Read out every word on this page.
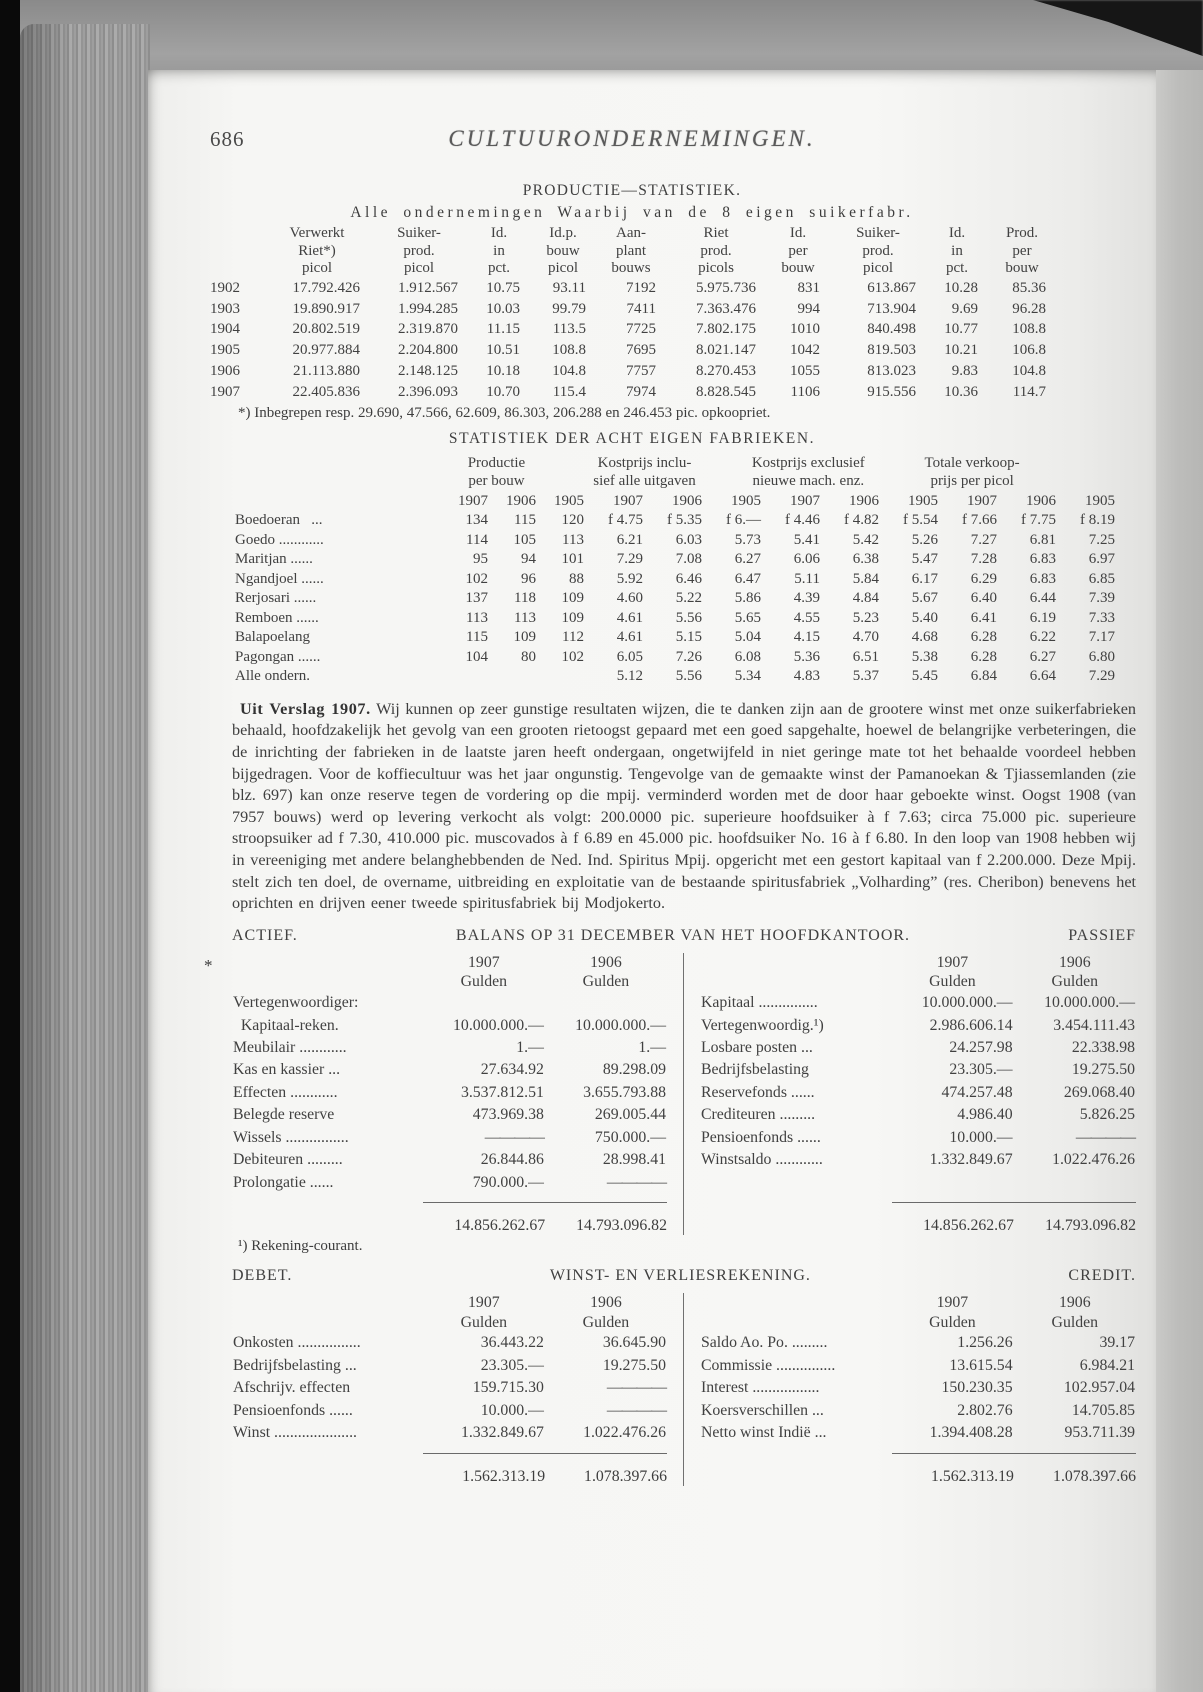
686	CULTUURONDERNEMINGEN.
PRODUCTIE—STATISTIEK.
Alle ondernemingen Waarbij van de 8 eigen suikerfabr.
	Verwerkt	Suiker-	Id.	Id.p.	Aan-	Riet	Id.	Suiker-	Id.	Prod.
	Riet*)	prod.	in	bouw	plant	prod.	per	prod.	in	per
	picol	picol	pct.	picol	bouws	picols	bouw	picol	pct.	bouw
1902	17.792.426	1.912.567	10.75	93.11	7192	5.975.736	831	613.867	10.28	85.36
1903	19.890.917	1.994.285	10.03	99.79	7411	7.363.476	994	713.904	9.69	96.28
1904	20.802.519	2.319.870	11.15	113.5	7725	7.802.175	1010	840.498	10.77	108.8
1905	20.977.884	2.204.800	10.51	108.8	7695	8.021.147	1042	819.503	10.21	106.8
1906	21.113.880	2.148.125	10.18	104.8	7757	8.270.453	1055	813.023	9.83	104.8
1907	22.405.836	2.396.093	10.70	115.4	7974	8.828.545	1106	915.556	10.36	114.7
*) Inbegrepen resp. 29.690, 47.566, 62.609, 86.303, 206.288 en 246.453 pic. opkoopriet.
STATISTIEK DER ACHT EIGEN FABRIEKEN.
Productie
per bouw
Kostprijs inclu-
sief alle uitgaven
Kostprijs exclusief
nieuwe mach. enz.
Totale verkoop-
prijs per picol
	1907	1906	1905	1907	1906	1905	1907	1906	1905	1907	1906	1905
Boedoeran   ...	134	115	120	f 4.75	f 5.35	f 6.—	f 4.46	f 4.82	f 5.54	f 7.66	f 7.75	f 8.19
Goedo ............	114	105	113	6.21	6.03	5.73	5.41	5.42	5.26	7.27	6.81	7.25
Maritjan ......	95	94	101	7.29	7.08	6.27	6.06	6.38	5.47	7.28	6.83	6.97
Ngandjoel ......	102	96	88	5.92	6.46	6.47	5.11	5.84	6.17	6.29	6.83	6.85
Rerjosari ......	137	118	109	4.60	5.22	5.86	4.39	4.84	5.67	6.40	6.44	7.39
Remboen ......	113	113	109	4.61	5.56	5.65	4.55	5.23	5.40	6.41	6.19	7.33
Balapoelang	115	109	112	4.61	5.15	5.04	4.15	4.70	4.68	6.28	6.22	7.17
Pagongan ......	104	80	102	6.05	7.26	6.08	5.36	6.51	5.38	6.28	6.27	6.80
Alle ondern.				5.12	5.56	5.34	4.83	5.37	5.45	6.84	6.64	7.29
Uit Verslag 1907. Wij kunnen op zeer gunstige resultaten wijzen, die te danken zijn aan de grootere winst met onze suikerfabrieken behaald, hoofdzakelijk het gevolg van een grooten rietoogst gepaard met een goed sapgehalte, hoewel de belangrijke verbeteringen, die de inrichting der fabrieken in de laatste jaren heeft ondergaan, ongetwijfeld in niet geringe mate tot het behaalde voordeel hebben bijgedragen. Voor de koffiecultuur was het jaar ongunstig. Tengevolge van de gemaakte winst der Pamanoekan & Tjiassemlanden (zie blz. 697) kan onze reserve tegen de vordering op die mpij. verminderd worden met de door haar geboekte winst. Oogst 1908 (van 7957 bouws) werd op levering verkocht als volgt: 200.0000 pic. superieure hoofdsuiker à f 7.63; circa 75.000 pic. superieure stroopsuiker ad f 7.30, 410.000 pic. muscovados à f 6.89 en 45.000 pic. hoofdsuiker No. 16 à f 6.80. In den loop van 1908 hebben wij in vereeniging met andere belanghebbenden de Ned. Ind. Spiritus Mpij. opgericht met een gestort kapitaal van f 2.200.000. Deze Mpij. stelt zich ten doel, de overname, uitbreiding en exploitatie van de bestaande spiritusfabriek „Volharding” (res. Cheribon) benevens het oprichten en drijven eener tweede spiritusfabriek bij Modjokerto.
ACTIEF.	BALANS OP 31 DECEMBER VAN HET HOOFDKANTOOR.	PASSIEF
	1907	1906
	Gulden	Gulden
Vertegenwoordiger:		
Kapitaal-reken.	10.000.000.—	10.000.000.—
Meubilair ............	1.—	1.—
Kas en kassier ...	27.634.92	89.298.09
Effecten ............	3.537.812.51	3.655.793.88
Belegde reserve	473.969.38	269.005.44
Wissels ................	————	750.000.—
Debiteuren .........	26.844.86	28.998.41
Prolongatie ......	790.000.—	————
14.856.262.67	14.793.096.82
	1907	1906
	Gulden	Gulden
Kapitaal ...............	10.000.000.—	10.000.000.—
Vertegenwoordig.¹)	2.986.606.14	3.454.111.43
Losbare posten ...	24.257.98	22.338.98
Bedrijfsbelasting	23.305.—	19.275.50
Reservefonds ......	474.257.48	269.068.40
Crediteuren .........	4.986.40	5.826.25
Pensioenfonds ......	10.000.—	————
Winstsaldo ............	1.332.849.67	1.022.476.26
14.856.262.67	14.793.096.82
¹) Rekening-courant.
DEBET.	WINST- EN VERLIESREKENING.	CREDIT.
	1907	1906
	Gulden	Gulden
Onkosten ................	36.443.22	36.645.90
Bedrijfsbelasting ...	23.305.—	19.275.50
Afschrijv. effecten	159.715.30	————
Pensioenfonds ......	10.000.—	————
Winst .....................	1.332.849.67	1.022.476.26
1.562.313.19	1.078.397.66
	1907	1906
	Gulden	Gulden
Saldo Ao. Po. .........	1.256.26	39.17
Commissie ...............	13.615.54	6.984.21
Interest .................	150.230.35	102.957.04
Koersverschillen ...	2.802.76	14.705.85
Netto winst Indië ...	1.394.408.28	953.711.39
1.562.313.19	1.078.397.66
*
